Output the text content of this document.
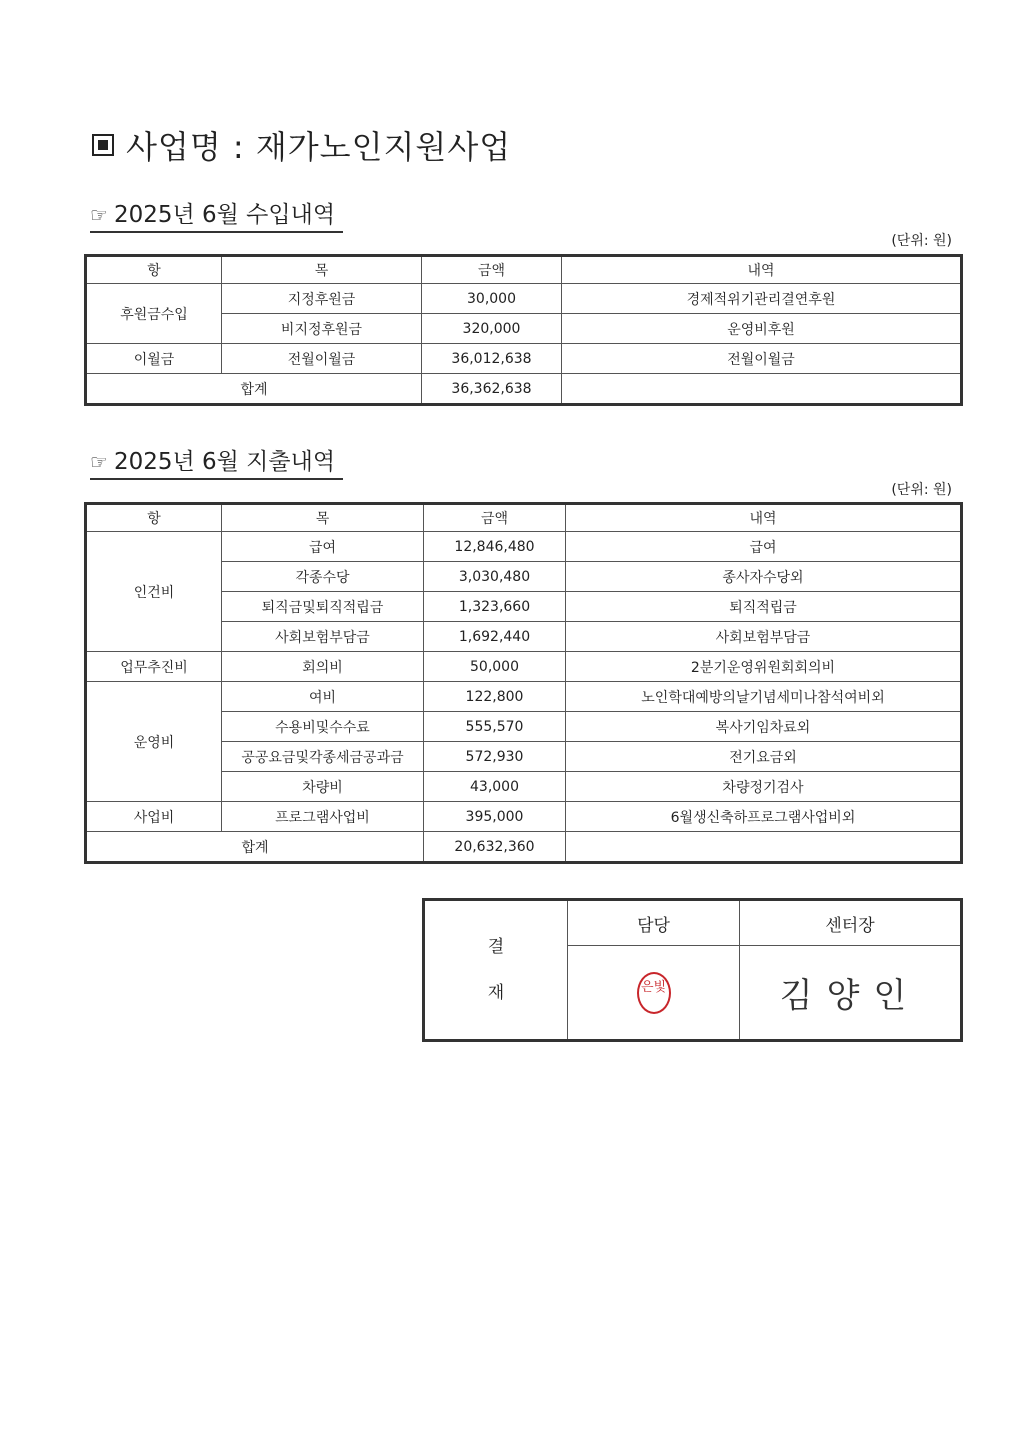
사업명 : 재가노인지원사업
☞ 2025년 6월 수입내역
(단위: 원)
항	목	금액	내역
후원금수입	지정후원금	30,000	경제적위기관리결연후원
	비지정후원금	320,000	운영비후원
이월금	전월이월금	36,012,638	전월이월금
합계		36,362,638	
☞ 2025년 6월 지출내역
(단위: 원)
항	목	금액	내역
인건비	급여	12,846,480	급여
	각종수당	3,030,480	종사자수당외
	퇴직금및퇴직적립금	1,323,660	퇴직적립금
	사회보험부담금	1,692,440	사회보험부담금
업무추진비	회의비	50,000	2분기운영위원회회의비
운영비	여비	122,800	노인학대예방의날기념세미나참석여비외
	수용비및수수료	555,570	복사기임차료외
	공공요금및각종세금공과금	572,930	전기요금외
	차량비	43,000	차량정기검사
사업비	프로그램사업비	395,000	6월생신축하프로그램사업비외
합계		20,632,360	
결
재	담당	센터장
	은빛	김양인
